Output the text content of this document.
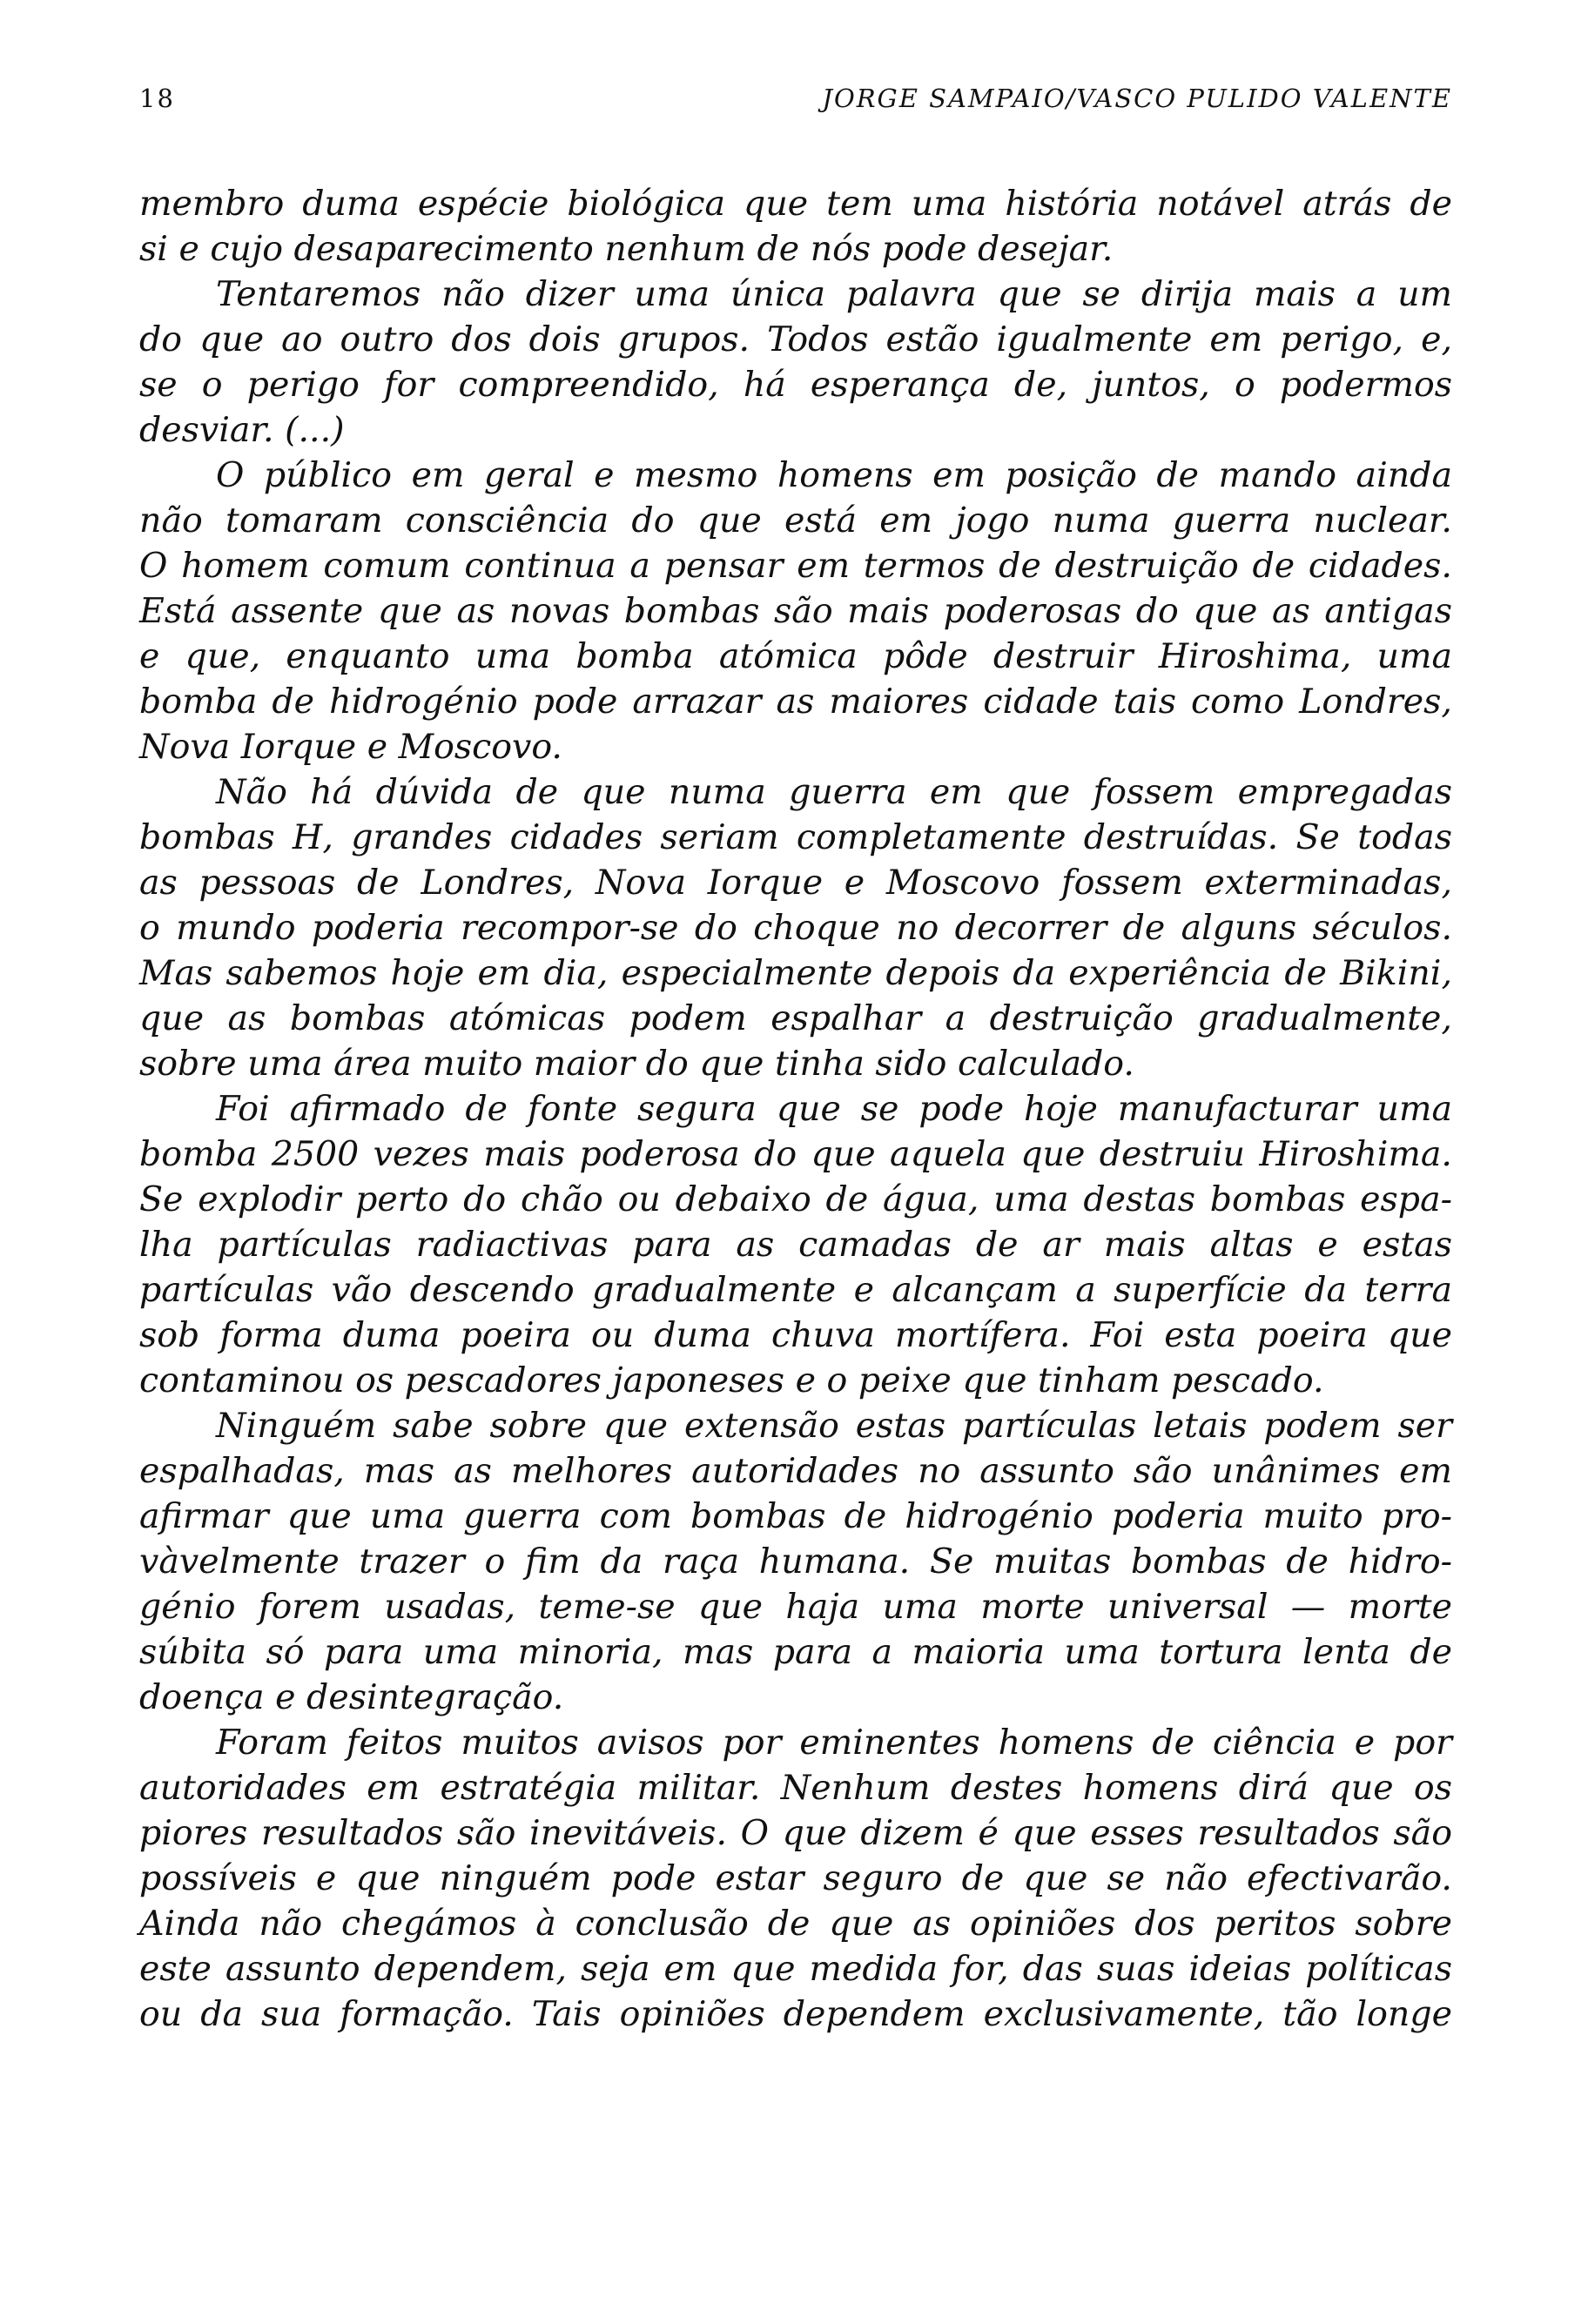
18	JORGE SAMPAIO/VASCO PULIDO VALENTE

membro duma espécie biológica que tem uma história notável atrás de
si e cujo desaparecimento nenhum de nós pode desejar.

Tentaremos não dizer uma única palavra que se dirija mais a um
do que ao outro dos dois grupos. Todos estão igualmente em perigo, e,
se o perigo for compreendido, há esperança de, juntos, o podermos
desviar. (...)

O público em geral e mesmo homens em posição de mando ainda
não tomaram consciência do que está em jogo numa guerra nuclear.
O homem comum continua a pensar em termos de destruição de cidades.
Está assente que as novas bombas são mais poderosas do que as antigas
e que, enquanto uma bomba atómica pôde destruir Hiroshima, uma
bomba de hidrogénio pode arrazar as maiores cidade tais como Londres,
Nova Iorque e Moscovo.

Não há dúvida de que numa guerra em que fossem empregadas
bombas H, grandes cidades seriam completamente destruídas. Se todas
as pessoas de Londres, Nova Iorque e Moscovo fossem exterminadas,
o mundo poderia recompor-se do choque no decorrer de alguns séculos.
Mas sabemos hoje em dia, especialmente depois da experiência de Bikini,
que as bombas atómicas podem espalhar a destruição gradualmente,
sobre uma área muito maior do que tinha sido calculado.

Foi afirmado de fonte segura que se pode hoje manufacturar uma
bomba 2500 vezes mais poderosa do que aquela que destruiu Hiroshima.
Se explodir perto do chão ou debaixo de água, uma destas bombas espa-
lha partículas radiactivas para as camadas de ar mais altas e estas
partículas vão descendo gradualmente e alcançam a superfície da terra
sob forma duma poeira ou duma chuva mortífera. Foi esta poeira que
contaminou os pescadores japoneses e o peixe que tinham pescado.

Ninguém sabe sobre que extensão estas partículas letais podem ser
espalhadas, mas as melhores autoridades no assunto são unânimes em
afirmar que uma guerra com bombas de hidrogénio poderia muito pro-
vàvelmente trazer o fim da raça humana. Se muitas bombas de hidro-
génio forem usadas, teme-se que haja uma morte universal — morte
súbita só para uma minoria, mas para a maioria uma tortura lenta de
doença e desintegração.

Foram feitos muitos avisos por eminentes homens de ciência e por
autoridades em estratégia militar. Nenhum destes homens dirá que os
piores resultados são inevitáveis. O que dizem é que esses resultados são
possíveis e que ninguém pode estar seguro de que se não efectivarão.
Ainda não chegámos à conclusão de que as opiniões dos peritos sobre
este assunto dependem, seja em que medida for, das suas ideias políticas
ou da sua formação. Tais opiniões dependem exclusivamente, tão longe
